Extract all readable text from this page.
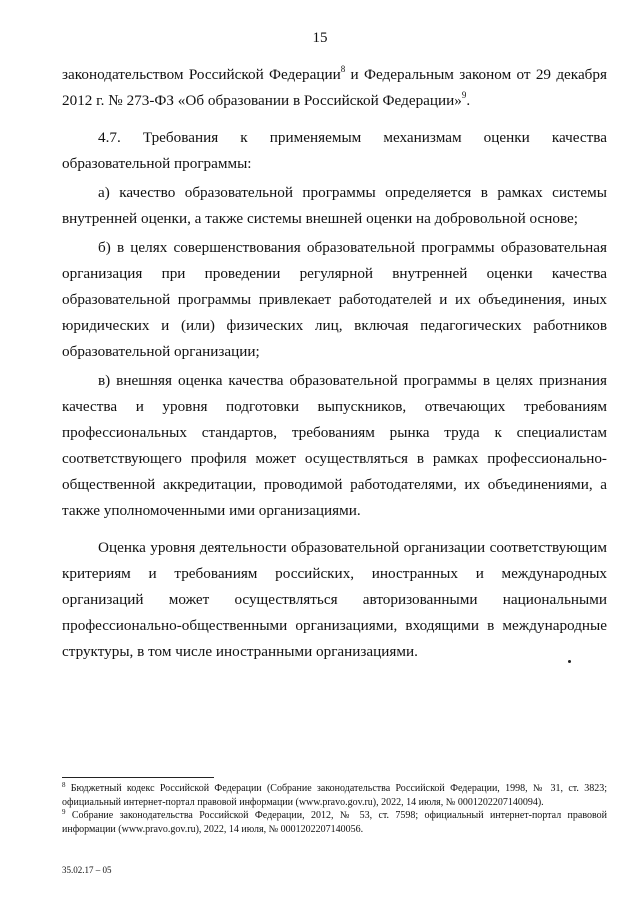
15

законодательством Российской Федерации$^8$ и Федеральным законом от 29 декабря 2012 г. № 273-ФЗ «Об образовании в Российской Федерации»$^9$.

4.7. Требования к применяемым механизмам оценки качества образовательной программы:

а) качество образовательной программы определяется в рамках системы внутренней оценки, а также системы внешней оценки на добровольной основе;

б) в целях совершенствования образовательной программы образовательная организация при проведении регулярной внутренней оценки качества образовательной программы привлекает работодателей и их объединения, иных юридических и (или) физических лиц, включая педагогических работников образовательной организации;

в) внешняя оценка качества образовательной программы в целях признания качества и уровня подготовки выпускников, отвечающих требованиям профессиональных стандартов, требованиям рынка труда к специалистам соответствующего профиля может осуществляться в рамках профессионально-общественной аккредитации, проводимой работодателями, их объединениями, а также уполномоченными ими организациями.

Оценка уровня деятельности образовательной организации соответствующим критериям и требованиям российских, иностранных и международных организаций может осуществляться авторизованными национальными профессионально-общественными организациями, входящими в международные структуры, в том числе иностранными организациями.

$^8$ Бюджетный кодекс Российской Федерации (Собрание законодательства Российской Федерации, 1998, № 31, ст. 3823; официальный интернет-портал правовой информации (www.pravo.gov.ru), 2022, 14 июля, № 0001202207140094).

$^9$ Собрание законодательства Российской Федерации, 2012, № 53, ст. 7598; официальный интернет-портал правовой информации (www.pravo.gov.ru), 2022, 14 июля, № 0001202207140056.

35.02.17 – 05
